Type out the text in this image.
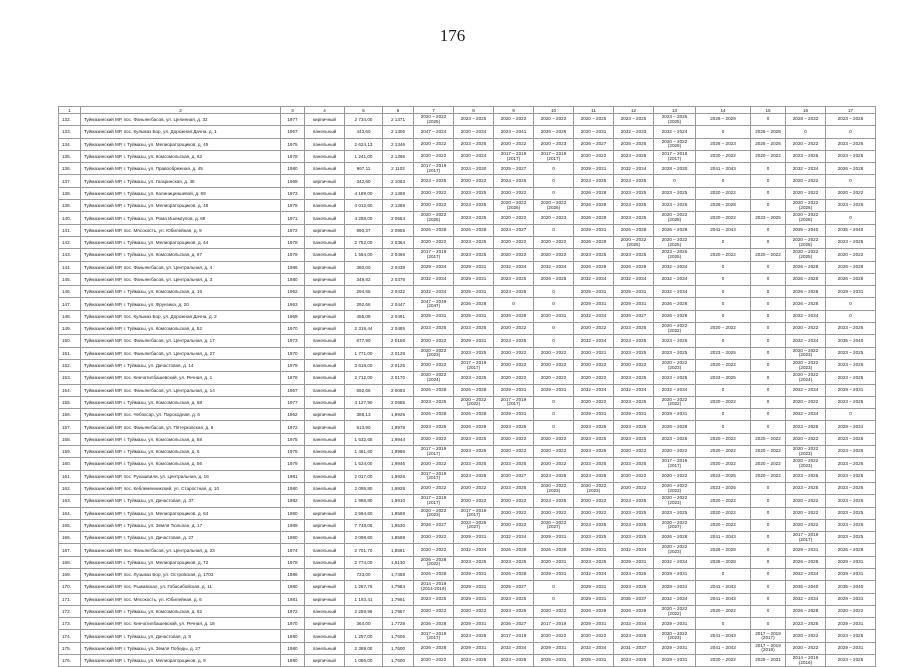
176
1	2	3	4	5	6	7	8	9	10	11	12	13	14	15	16	17
132.	Туймазинский МР, пос. Фаньянгбасов, ул. Целинная, д. 32	1977	кирпичный	2 734,00	2 1371	2020 – 2022 (2025)	2023 – 2025	2020 – 2022	2020 – 2022	2020 – 2025	2023 – 2025	2023 – 2025 (2025)	2026 – 2029	0	2028 – 2032	2023 – 2025
133.	Туймазинский МР, пос. Кульмаз Бор, ул. Дорожная Дачна, д. 1	1967	панельный	443,60	2 1306	2047 – 2024	2020 – 2034	2024 – 2041	2026 – 2026	2020 – 2031	2032 – 2033	2032 – 2024	0	2026 – 2028	0	0
134.	Туймазинский МР, г. Туймазы, ул. Мелиораторщиков, д. 45	1975	панельный	2 624,13	2 1346	2020 – 2022	2023 – 2025	2020 – 2022	2020 – 2023	2026 – 2027	2025 – 2025	2020 – 2022 (2028)	2026 – 2023	2025 – 2025	2020 – 2022	2023 – 2025
135.	Туймазинский МР, г. Туймазы, ул. Комсомольская, д. 62	1978	панельный	1 241,00	2 1365	2020 – 2022	2020 – 2024	2017 – 2019 (2017)	2017 – 2019 (2017)	2020 – 2022	2023 – 2025	2017 – 2019 (2017)	2020 – 2022	2020 – 2022	2023 – 2025	2023 – 2025
136.	Туймазинский МР, г. Туймазы, ул. Правообрежная, д. 45	1980	панельный	967,11	2 1102	2017 – 2019 (2017)	2024 – 2030	2025 – 2027	0	2029 – 2031	2032 – 2034	2028 – 2030	2041 – 2043	0	2032 – 2034	2026 – 2028
137.	Туймазинский МР, г. Туймазы, ул. Гагаринская, д. 48	1969	кирпичный	342,60	2 1063	2023 – 2025	2020 – 2022	2024 – 2026	0	2023 – 2025	2023 – 2025	0	0	0	2020 – 2022	0
138.	Туймазинский МР, г. Туймазы, ул. Калинициншевой, д. 69	1973	панельный	4 189,00	2 1368	2020 – 2022	2023 – 2025	2020 – 2022	0	2026 – 2028	2023 – 2025	2023 – 2025	2020 – 2022	0	2020 – 2022	2020 – 2022
139.	Туймазинский МР, г. Туймазы, ул. Мелиораторщиков, д. 48	1978	панельный	4 012,60	2 1368	2020 – 2022	2023 – 2025	2020 – 2022 (2026)	2020 – 2022 (2026)	2026 – 2028	2023 – 2025	2023 – 2025	2026 – 2028	0	2020 – 2022 (2026)	2023 – 2025
140.	Туймазинский МР, г. Туймазы, ул. Рома Ишемгулов, д. 68	1971	панельный	4 288,00	2 0554	2020 – 2022 (2026)	2023 – 2025	2020 – 2022	2020 – 2023	2026 – 2028	2023 – 2025	2020 – 2022 (2028)	2020 – 2022	2023 – 2025	2020 – 2022 (2028)	0
141.	Туймазинский МР, пос. Мясокость, ул. Юбилейная, д. 9	1972	кирпичный	990,37	2 0955	2026 – 2028	2026 – 2028	2023 – 2027	0	2029 – 2031	2026 – 2028	2026 – 2028	2041 – 2043	0	2035 – 2040	2035 – 2040
142.	Туймазинский МР, г. Туймазы, ул. Мелиораторщиков, д. 44	1978	панельный	2 752,00	2 0364	2020 – 2022	2023 – 2025	2020 – 2022	2020 – 2022	2026 – 2028	2020 – 2022 (2025)	2020 – 2022 (2025)	0	0	2020 – 2022 (2025)	2023 – 2025
143.	Туймазинский МР, г. Туймазы, ул. Комсомольская, д. 67	1979	панельный	1 584,00	2 0466	2017 – 2019 (2017)	2023 – 2025	2020 – 2022	2020 – 2022	2023 – 2025	2023 – 2025	2023 – 2025 (2025)	2020 – 2022	2020 – 2022	2020 – 2022 (2025)	2020 – 2022
144.	Туймазинский МР, пос. Фаньянгбасов, ул. Центральная, д. 4	1986	кирпичный	380,00	2 0439	2029 – 2034	2029 – 2031	2032 – 2034	2032 – 2034	2026 – 2028	2026 – 2028	2032 – 2034	0	0	2026 – 2028	2026 – 2028
145.	Туймазинский МР, пос. Фаньянгбасов, ул. Центральная, д. 3	1980	кирпичный	349,82	2 0376	2032 – 2034	2029 – 2031	2023 – 2025	2026 – 2028	2032 – 2034	2032 – 2034	2032 – 2034	0	0	2026 – 2028	2026 – 2028
146.	Туймазинский МР, г. Туймазы, ул. Комсомольская, д. 16	1962	кирпичный	294,65	2 0432	2032 – 2034	2029 – 2031	2023 – 2025	0	2029 – 2031	2029 – 2031	2032 – 2034	0	0	2026 – 2028	2029 – 2031
147.	Туймазинский МР, г. Туймазы, ул. Фрунзика, д. 20	1963	кирпичный	292,66	2 0447	2047 – 2049 (2047)	2026 – 2028	0	0	2029 – 2031	2029 – 2031	2026 – 2028	0	0	2026 – 2028	0
148.	Туймазинский МР, пос. Кульмаз Бор, ул. Дорожная Дачна, д. 2	1969	кирпичный	455,09	2 0491	2029 – 2031	2029 – 2031	2026 – 2028	2020 – 2031	2032 – 2034	2026 – 2027	2026 – 2028	0	0	2032 – 2034	0
149.	Туймазинский МР, г. Туймазы, ул. Комсомольская, д. 52	1970	кирпичный	2 319,44	2 0485	2023 – 2025	2023 – 2025	2020 – 2022	0	2020 – 2022	2023 – 2025	2020 – 2022 (2022)	2020 – 2022	0	2020 – 2022	2023 – 2025
150.	Туймазинский МР, пос. Фаньянгбасов, ул. Центральная, д. 17	1973	панельный	677,90	2 0156	2020 – 2022	2029 – 2031	2023 – 2025	0	2032 – 2034	2023 – 2025	2023 – 2025	0	0	2032 – 2034	2035 – 2040
151.	Туймазинский МР, пос. Фаньянгбасов, ул. Центральная, д. 27	1970	кирпичный	1 771,00	2 0128	2020 – 2022 (2023)	2023 – 2025	2020 – 2022	2020 – 2022	2020 – 2021	2023 – 2025	2023 – 2025	2023 – 2025	0	2020 – 2022 (2023)	2023 – 2025
152.	Туймазинский МР, г. Туймазы, ул. Дачастовая, д. 14	1979	панельный	3 618,00	2 0125	2020 – 2022	2017 – 2019 (2017)	2020 – 2022	2020 – 2022	2020 – 2022	2020 – 2022	2020 – 2022 (2023)	2020 – 2022	0	2020 – 2022 (2023)	2023 – 2025
153.	Туймазинский МР, пос. Кинчатилбашевский, ул. Речная, д. 1	1978	панельный	2 712,00	2 0170	2020 – 2022 (2024)	2023 – 2025	2020 – 2022	2020 – 2022	2020 – 2022	2023 – 2025	2023 – 2025	2023 – 2025	0	2020 – 2022 (2024)	2023 – 2025
154.	Туймазинский МР, пос. Фаньянгбасов, ул. Центральная, д. 14	1967	панельный	692,66	2 0093	2026 – 2028	2026 – 2028	2029 – 2031	2029 – 2031	2032 – 2034	2032 – 2034	2032 – 2034	0	0	2032 – 2034	2029 – 2031
155.	Туймазинский МР, г. Туймазы, ул. Комсомольская, д. 68	1977	панельный	4 127,90	2 0985	2023 – 2025	2020 – 2022 (2022)	2017 – 2019 (2017)	0	2020 – 2022	2023 – 2025	2020 – 2022 (2022)	2020 – 2022	0	2020 – 2022	2023 – 2025
156.	Туймазинский МР, пос. Чебоксар, ул. Пароходная, д. 6	1962	кирпичный	388,13	1,9925	2026 – 2028	2026 – 2028	2029 – 2031	0	2029 – 2031	2029 – 2031	2029 – 2031	0	0	2032 – 2034	0
157.	Туймазинский МР, пос. Фаньянгбасов, ул. Пятерковская, д. 8	1972	кирпичный	513,90	1,9978	2023 – 2025	2026 – 2028	2023 – 2025	0	2023 – 2025	2023 – 2025	2026 – 2028	0	0	2023 – 2025	2029 – 2031
158.	Туймазинский МР, г. Туймазы, ул. Комсомольская, д. 58	1975	панельный	1 532,65	1,9944	2020 – 2022	2023 – 2025	2020 – 2022	2020 – 2022	2023 – 2025	2023 – 2025	2023 – 2025	2020 – 2022	2020 – 2022	2020 – 2022	2023 – 2025
159.	Туймазинский МР, г. Туймазы, ул. Комсомольская, д. 6	1975	панельный	1 461,60	1,9966	2017 – 2019 (2017)	2023 – 2025	2020 – 2022	2020 – 2022	2023 – 2025	2020 – 2022	2020 – 2022	2020 – 2022	2020 – 2022	2020 – 2022 (2023)	2023 – 2025
160.	Туймазинский МР, г. Туймазы, ул. Комсомольская, д. 56	1979	панельный	1 524,00	1,9946	2020 – 2022	2023 – 2025	2023 – 2025	2020 – 2022	2023 – 2025	2023 – 2025	2017 – 2019 (2017)	2020 – 2022	2020 – 2022	2020 – 2022 (2023)	2023 – 2025
161.	Туймазинский МР, пос. Рухашвили, ул. Центральная, д. 16	1981	панельный	2 017,00	1,9926	2017 – 2019 (2017)	2023 – 2025	2020 – 2027	2023 – 2025	2023 – 2025	2020 – 2022	2020 – 2022	2023 – 2025	2020 – 2022	2023 – 2025	2023 – 2025
162.	Туймазинский МР, пос. Кеблеменникский, ул. Старостная, д. 10	1980	панельный	2 095,80	1,9928	2020 – 2022	2020 – 2022	2023 – 2025	2020 – 2022 (2023)	2020 – 2022 (2023)	2020 – 2022	2020 – 2022 (2023)	2023 – 2025	0	2023 – 2025	2023 – 2025
163.	Туймазинский МР, г. Туймазы, ул. Дачастовая, д. 37	1982	панельный	1 988,80	1,9910	2017 – 2019 (2017)	2020 – 2022	2020 – 2022	2023 – 2025	2020 – 2022	2023 – 2025	2020 – 2022 (2023)	2020 – 2022	0	2020 – 2022	2023 – 2025
164.	Туймазинский МР, г. Туймазы, ул. Мелиораторщиков, д. 64	1980	кирпичный	2 564,60	1,9568	2020 – 2022 (2023)	2017 – 2019 (2017)	2020 – 2022	2020 – 2022	2020 – 2022	2023 – 2025	2023 – 2025	2020 – 2022	0	2020 – 2022	2023 – 2025
165.	Туймазинский МР, г. Туймазы, ул. Земля Тюльпан, д. 17	1989	кирпичный	7 748,06	1,9530	2026 – 2027	2023 – 2025 (2027)	2020 – 2022	2020 – 2022 (2027)	2023 – 2025	2023 – 2025	2020 – 2022 (2027)	2020 – 2022	0	2020 – 2022	2023 – 2025
166.	Туймазинский МР, г. Туймазы, ул. Дачастовая, д. 27	1980	панельный	2 098,60	1,8569	2020 – 2022	2029 – 2031	2032 – 2034	2029 – 2031	2023 – 2025	2023 – 2025	2026 – 2028	2041 – 2043	0	2017 – 2019 (2017)	2023 – 2025
167.	Туймазинский МР, пос. Фаньянгбасов, ул. Центральная, д. 23	1974	панельный	2 701,70	1,8561	2020 – 2022	2032 – 2034	2026 – 2028	2026 – 2028	2029 – 2031	2032 – 2034	2020 – 2022 (2023)	2026 – 2028	0	2029 – 2031	2026 – 2028
168.	Туймазинский МР, г. Туймазы, ул. Мелиораторщиков, д. 72	1978	панельный	2 774,00	1,8130	2026 – 2028 (2022)	2023 – 2025	2023 – 2025	2020 – 2031	2023 – 2025	2029 – 2031	2032 – 2034	2026 – 2028	0	2026 – 2028	2029 – 2031
169.	Туймазинский МР, пос. Лузьмаз Бор, ул. Островская, д. 1703	1986	кирпичный	723,00	1,7358	2026 – 2028	2029 – 2031	2026 – 2028	2029 – 2031	2032 – 2034	2023 – 2025	2029 – 2031	0	0	2032 – 2034	2029 – 2031
170.	Туймазинский МР, пос. Рыжавскал, ул. Гобасибойская, д. 11	1980	кирпичный	1 267,76	1,7984	2014 – 2019 (2014-2019)	2029 – 2031	2025 – 2027	0	2029 – 2031	2023 – 2025	2029 – 2031	2041 – 2043	0	2035 – 2040	2035 – 2040
171.	Туймазинский МР, пос. Мясокость, ул. Юбилейная, д. 6	1981	кирпичный	1 193,41	1,7961	2023 – 2025	2029 – 2031	2023 – 2025	0	2029 – 2031	2035 – 2037	2032 – 2034	2041 – 2043	0	2032 – 2034	2029 – 2031
172.	Туймазинский МР, г. Туймазы, ул. Комсомольская, д. 62	1972	панельный	2 259,96	1,7967	2020 – 2022	2020 – 2022	2023 – 2025	2020 – 2022	2026 – 2028	2026 – 2028	2020 – 2022 (2022)	2020 – 2022	0	2026 – 2028	2020 – 2022
173.	Туймазинский МР, пос. Кинчатилбашевский, ул. Речная, д. 18	1970	кирпичный	364,00	1,7728	2026 – 2028	2029 – 2031	2026 – 2027	2017 – 2019	2029 – 2031	2032 – 2034	2029 – 2031	0	0	2023 – 2025	2029 – 2031
174.	Туймазинский МР, г. Туймазы, ул. Дачастовая, д. 8	1980	панельный	1 257,00	1,7605	2017 – 2019 (2017)	2023 – 2025	2017 – 2019	2020 – 2022	2020 – 2022	2023 – 2025	2020 – 2022 (2023)	2041 – 2043	2017 – 2019 (2017)	2020 – 2022	2023 – 2025
175.	Туймазинский МР, г. Туймазы, ул. Земля Победы, д. 27	1980	панельный	2 389,00	1,7600	2026 – 2028	2029 – 2031	2032 – 2034	2029 – 2031	2032 – 2034	2031 – 2037	2029 – 2031	2041 – 2043	2017 – 2019 (2019)	2020 – 2022	2029 – 2031
176.	Туймазинский МР, г. Туймазы, ул. Мелиораторщиков, д. 9	1980	кирпичный	1 086,00	1,7600	2020 – 2022	2023 – 2025	2023 – 2025	2029 – 2031	2029 – 2031	2023 – 2025	2029 – 2031	2020 – 2022	2029 – 2031	2014 – 2019 (2016)	2023 – 2025
